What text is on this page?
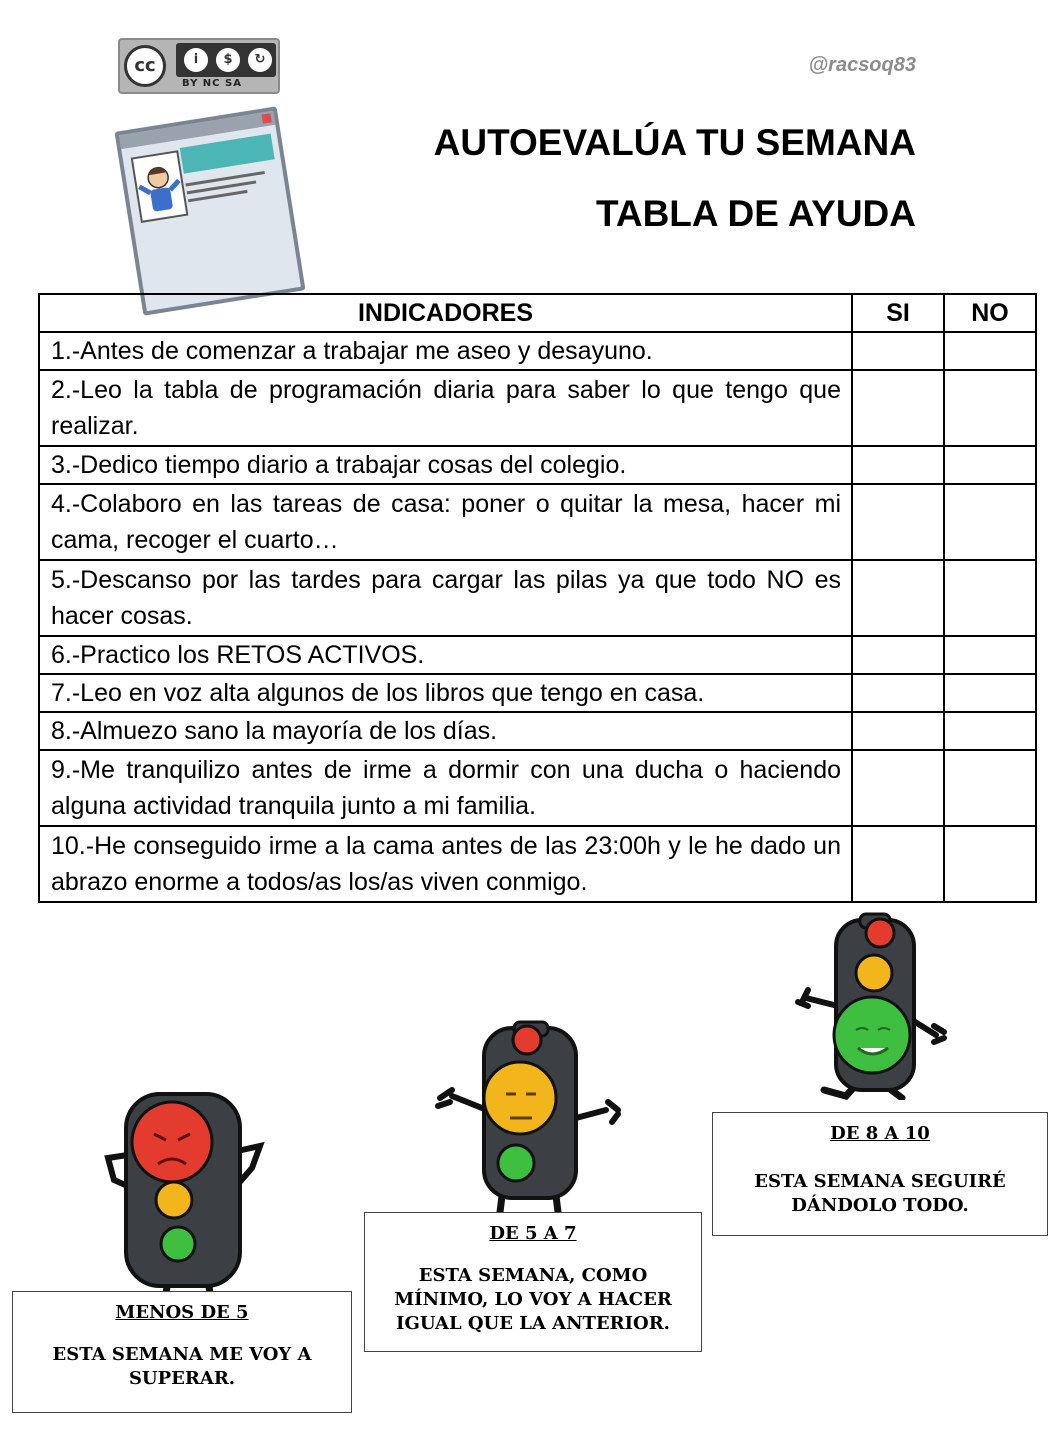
cc	i	$	↻
BY NC SA
@racsoq83
AUTOEVALÚA TU SEMANA
TABLA DE AYUDA
INDICADORES	SI	NO
1.-Antes de comenzar a trabajar me aseo y desayuno.		
2.-Leo la tabla de programación diaria para saber lo que tengo que realizar.		
3.-Dedico tiempo diario a trabajar cosas del colegio.		
4.-Colaboro en las tareas de casa: poner o quitar la mesa, hacer mi cama, recoger el cuarto…		
5.-Descanso por las tardes para cargar las pilas ya que todo NO es hacer cosas.		
6.-Practico los RETOS ACTIVOS.		
7.-Leo en voz alta algunos de los libros que tengo en casa.		
8.-Almuezo sano la mayoría de los días.		
9.-Me tranquilizo antes de irme a dormir con una ducha o haciendo alguna actividad tranquila junto a mi familia.		
10.-He conseguido irme a la cama antes de las 23:00h y le he dado un abrazo enorme a todos/as los/as viven conmigo.		
DE 8 A 10
ESTA SEMANA SEGUIRÉ DÁNDOLO TODO.
DE 5 A 7
ESTA SEMANA, COMO MÍNIMO, LO VOY A HACER IGUAL QUE LA ANTERIOR.
MENOS DE 5
ESTA SEMANA ME VOY A SUPERAR.
